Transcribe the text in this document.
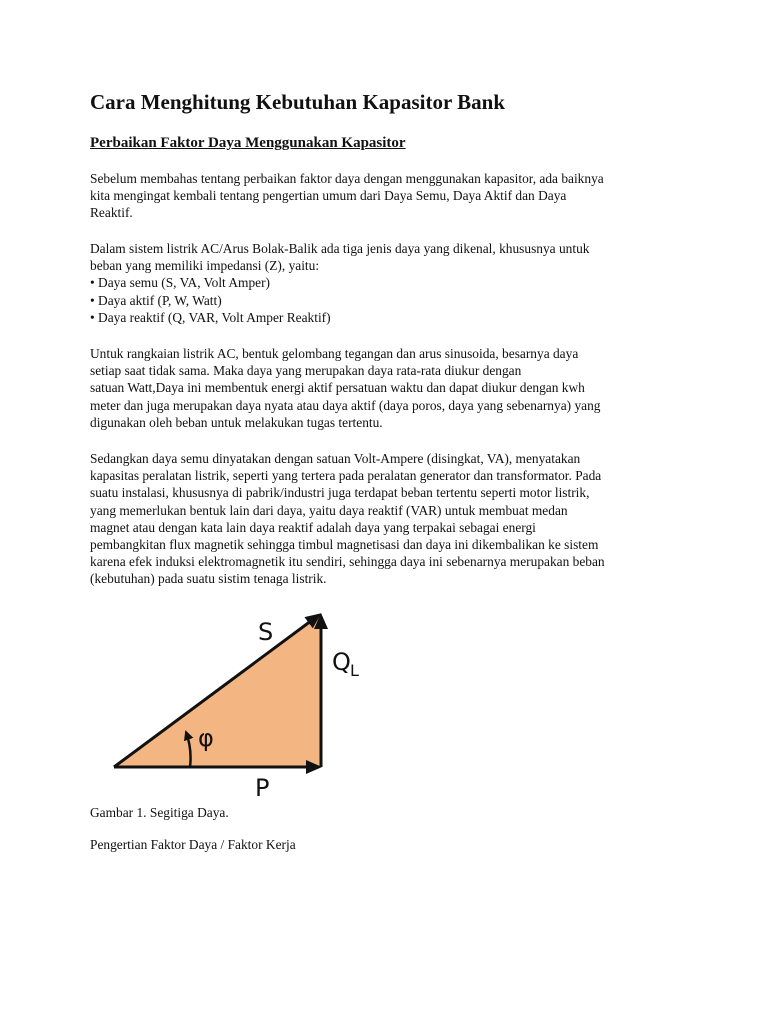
Cara Menghitung Kebutuhan Kapasitor Bank
Perbaikan Faktor Daya Menggunakan Kapasitor

Sebelum membahas tentang perbaikan faktor daya dengan menggunakan kapasitor, ada baiknya
kita mengingat kembali tentang pengertian umum dari Daya Semu, Daya Aktif dan Daya
Reaktif.

Dalam sistem listrik AC/Arus Bolak-Balik ada tiga jenis daya yang dikenal, khususnya untuk
beban yang memiliki impedansi (Z), yaitu:
• Daya semu (S, VA, Volt Amper)
• Daya aktif (P, W, Watt)
• Daya reaktif (Q, VAR, Volt Amper Reaktif)

Untuk rangkaian listrik AC, bentuk gelombang tegangan dan arus sinusoida, besarnya daya
setiap saat tidak sama. Maka daya yang merupakan daya rata-rata diukur dengan
satuan Watt,Daya ini membentuk energi aktif persatuan waktu dan dapat diukur dengan kwh
meter dan juga merupakan daya nyata atau daya aktif (daya poros, daya yang sebenarnya) yang
digunakan oleh beban untuk melakukan tugas tertentu.

Sedangkan daya semu dinyatakan dengan satuan Volt-Ampere (disingkat, VA), menyatakan
kapasitas peralatan listrik, seperti yang tertera pada peralatan generator dan transformator. Pada
suatu instalasi, khususnya di pabrik/industri juga terdapat beban tertentu seperti motor listrik,
yang memerlukan bentuk lain dari daya, yaitu daya reaktif (VAR) untuk membuat medan
magnet atau dengan kata lain daya reaktif adalah daya yang terpakai sebagai energi
pembangkitan flux magnetik sehingga timbul magnetisasi dan daya ini dikembalikan ke sistem
karena efek induksi elektromagnetik itu sendiri, sehingga daya ini sebenarnya merupakan beban
(kebutuhan) pada suatu sistim tenaga listrik.

S
Q L
φ
P

Gambar 1. Segitiga Daya.

Pengertian Faktor Daya / Faktor Kerja
